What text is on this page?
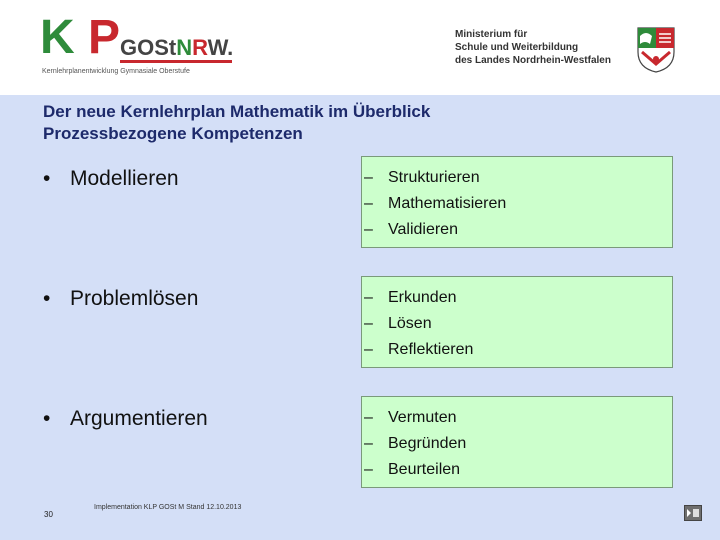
K P GOStNRW.
Kernlehrplanentwicklung Gymnasiale Oberstufe
Ministerium für
Schule und Weiterbildung
des Landes Nordrhein-Westfalen
Der neue Kernlehrplan Mathematik im Überblick
Prozessbezogene Kompetenzen
• Modellieren	– Strukturieren
– Mathematisieren
– Validieren
• Problemlösen	– Erkunden
– Lösen
– Reflektieren
• Argumentieren	– Vermuten
– Begründen
– Beurteilen
30
Implementation KLP GOSt M Stand 12.10.2013
